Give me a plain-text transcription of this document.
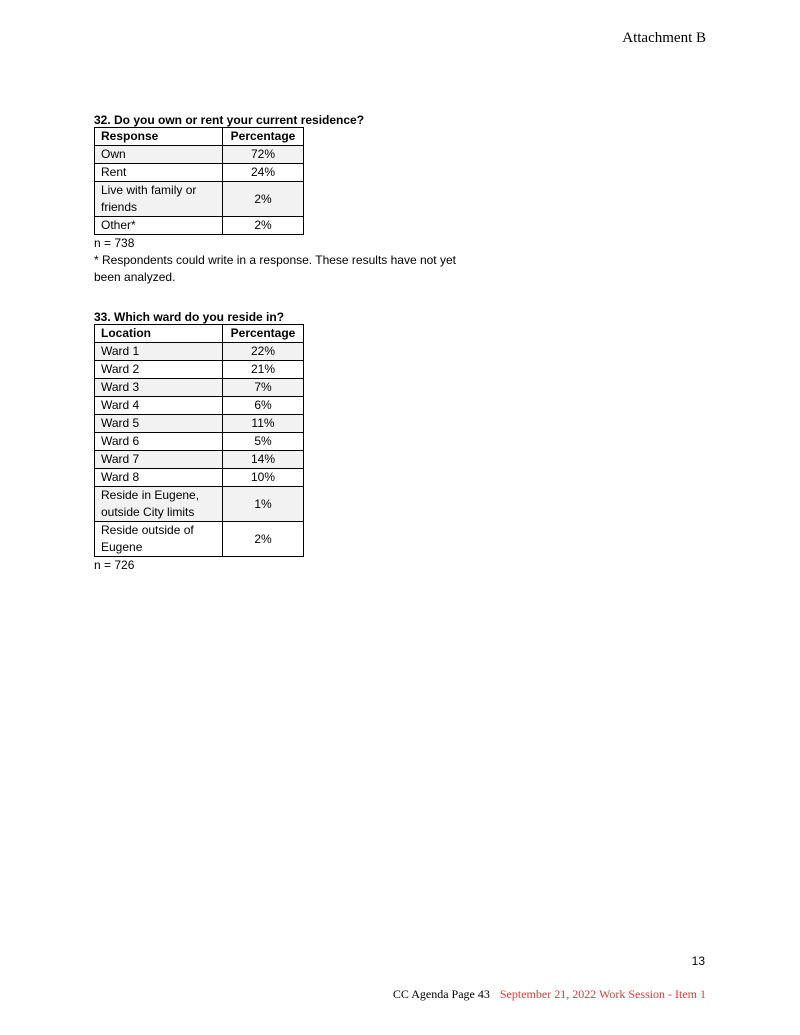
Attachment B

32. Do you own or rent your current residence?

Response	Percentage
Own	72%
Rent	24%
Live with family or friends	2%
Other*	2%

n = 738

* Respondents could write in a response. These results have not yet been analyzed.

33. Which ward do you reside in?

Location	Percentage
Ward 1	22%
Ward 2	21%
Ward 3	7%
Ward 4	6%
Ward 5	11%
Ward 6	5%
Ward 7	14%
Ward 8	10%
Reside in Eugene, outside City limits	1%
Reside outside of Eugene	2%

n = 726

13
CC Agenda Page 43 September 21, 2022 Work Session - Item 1
